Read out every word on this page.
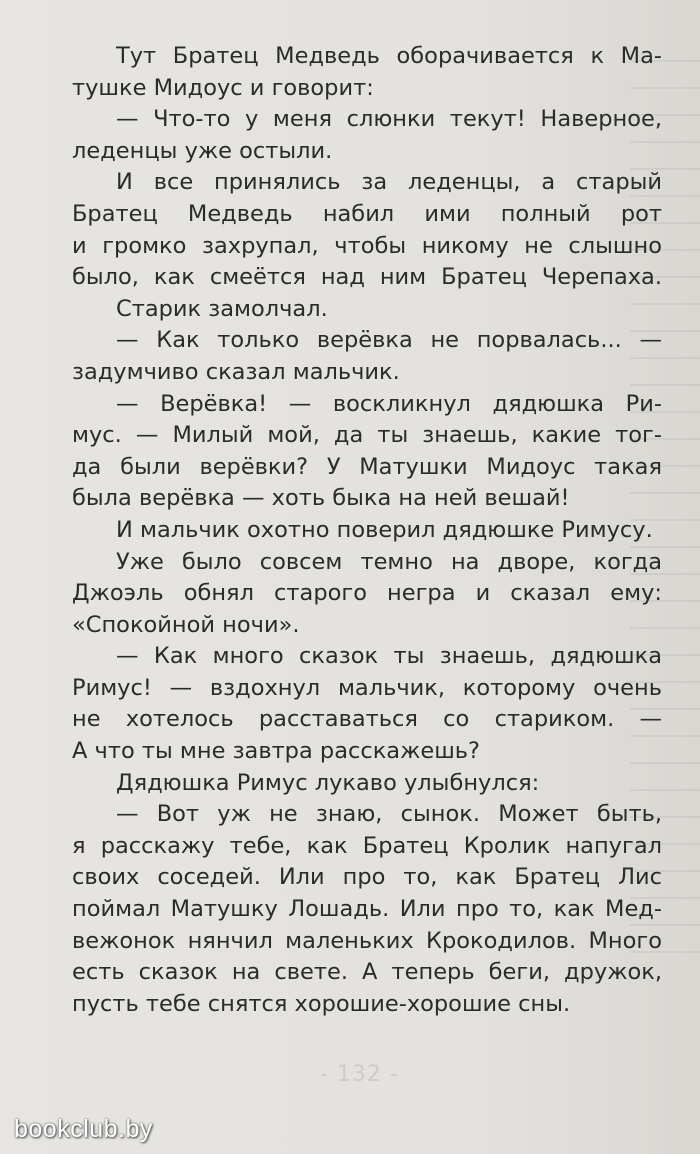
Тут Братец Медведь оборачивается к Ма-
тушке Мидоус и говорит:
— Что-то у меня слюнки текут! Наверное,
леденцы уже остыли.
И все принялись за леденцы, а старый
Братец Медведь набил ими полный рот
и громко захрупал, чтобы никому не слышно
было, как смеётся над ним Братец Черепаха.
Старик замолчал.
— Как только верёвка не порвалась... —
задумчиво сказал мальчик.
— Верёвка! — воскликнул дядюшка Ри-
мус. — Милый мой, да ты знаешь, какие тог-
да были верёвки? У Матушки Мидоус такая
была верёвка — хоть быка на ней вешай!
И мальчик охотно поверил дядюшке Римусу.
Уже было совсем темно на дворе, когда
Джоэль обнял старого негра и сказал ему:
«Спокойной ночи».
— Как много сказок ты знаешь, дядюшка
Римус! — вздохнул мальчик, которому очень
не хотелось расставаться со стариком. —
А что ты мне завтра расскажешь?
Дядюшка Римус лукаво улыбнулся:
— Вот уж не знаю, сынок. Может быть,
я расскажу тебе, как Братец Кролик напугал
своих соседей. Или про то, как Братец Лис
поймал Матушку Лошадь. Или про то, как Мед-
вежонок нянчил маленьких Крокодилов. Много
есть сказок на свете. А теперь беги, дружок,
пусть тебе снятся хорошие-хорошие сны.
- 132 -
bookclub.by
